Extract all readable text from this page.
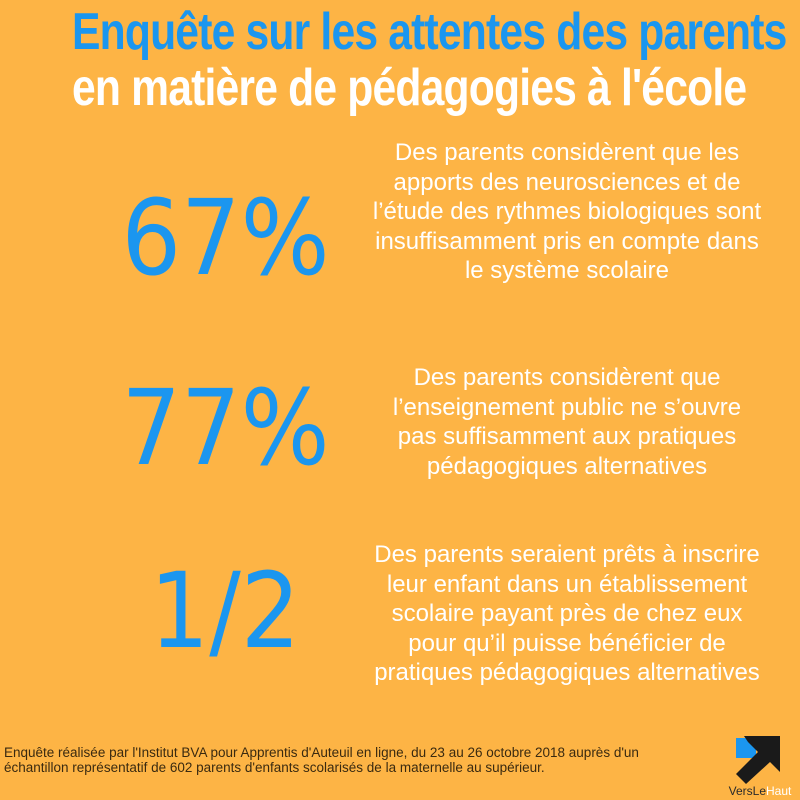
Enquête sur les attentes des parents
en matière de pédagogies à l'école
67%
Des parents considèrent que les apports des neurosciences et de l’étude des rythmes biologiques sont insuffisamment pris en compte dans le système scolaire
77%	Des parents considèrent que l’enseignement public ne s’ouvre pas suffisamment aux pratiques pédagogiques alternatives
1/2	Des parents seraient prêts à inscrire leur enfant dans un établissement scolaire payant près de chez eux pour qu’il puisse bénéficier de pratiques pédagogiques alternatives
Enquête réalisée par l'Institut BVA pour Apprentis d'Auteuil en ligne, du 23 au 26 octobre 2018 auprès d'un échantillon représentatif de 602 parents d'enfants scolarisés de la maternelle au supérieur.
VersLeHaut
